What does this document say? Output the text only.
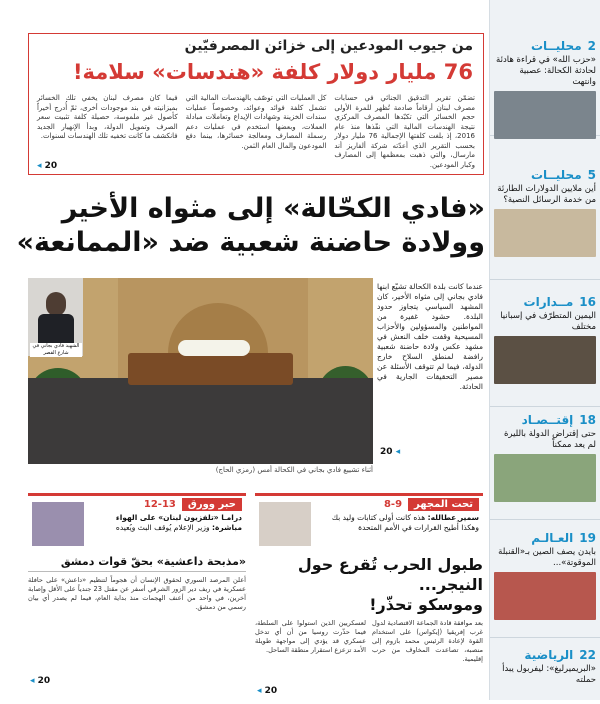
2
محليــات
«حزب الله» في قراءة هادئة لحادثة الكحالة: عصبية وانتهت
5
محليــات
أين ملايين الدولارات الطارئة من خدمة الرسائل النصية؟
16
مــدارات
اليمين المتطرّف في إسبانيا مختلف
18
إقتــصـاد
حتى إقتراض الدولة بالليرة لم يعد ممكناً
19
العـالـم
بايدن يصف الصين بـ«القنبلة الموقوتة»...
22
الرياضية
«البريميرليغ»: ليفربول يبدأ حملته
من جيوب المودعين إلى خزائن المصرفيّين
76 مليار دولار كلفة «هندسات» سلامة!
تضمّن تقرير التدقيق الجنائي في حسابات مصرف لبنان أرقاماً صادمة تُظهر للمرة الأولى حجم الخسائر التي تكبّدها المصرف المركزي نتيجة الهندسات المالية التي نفّذها منذ عام 2016، إذ بلغت كلفتها الإجمالية 76 مليار دولار بحسب التقرير الذي أعدّته شركة ألفاريز أند مارسال، والتي ذهبت بمعظمها إلى المصارف وكبار المودعين.
كل العمليات التي توصّف بالهندسات المالية التي تشمل كلفة فوائد وعوائد، وخصوصاً عمليات سندات الخزينة وشهادات الإيداع وتعاملات مبادلة العملات، وبعضها استخدم في عمليات دعم رسملة المصارف ومعالجة خسائرها، بينما دفع المودعون والمال العام الثمن.
فيما كان مصرف لبنان يخفي تلك الخسائر بميزانيته في بند موجودات أخرى، ثمّ أُدرج أخيراً كأصول غير ملموسة، حصيلة كلفة تثبيت سعر الصرف وتمويل الدولة، وبدأ الإنهيار الجديد فانكشف ما كانت تخفيه تلك الهندسات لسنوات.
20 ◂
«فادي الكحّالة» إلى مثواه الأخير
وولادة حاضنة شعبية ضد «الممانعة»
الشهيد فادي بجاني في شارع القصر
أثناء تشييع فادي بجاني في الكحالة أمس (رمزي الحاج)
عندما كانت بلدة الكحالة تشيّع ابنها فادي بجاني إلى مثواه الأخير، كان المشهد السياسي يتجاوز حدود البلدة. حشود غفيرة من المواطنين والمسؤولين والأحزاب المسيحية وقفت خلف النعش في مشهد عكس ولادة حاضنة شعبية رافضة لمنطق السلاح خارج الدولة، فيما لم تتوقف الأسئلة عن مصير التحقيقات الجارية في الحادثة.
20 ◂
تحت المجهر
8-9
سمير عطالله: هذه كانت أولى كتابات وليد بك وهكذا أُطيح القرارات في الأمم المتحدة
حبر وورق
12-13
درامـا «تلفزيون لبنان» على الهواء مباشرة: وزير الإعلام يُوقف البث ويُعيده
طبول الحرب تُقرع حول النيجر...
وموسكو تحذّر!
بعد موافقة قادة الجماعة الاقتصادية لدول غرب إفريقيا (إيكواس) على استخدام القوة لإعادة الرئيس محمد بازوم إلى منصبه، تصاعدت المخاوف من حرب إقليمية.
لعسكريين الذين استولوا على السلطة، فيما حذّرت روسيا من أن أي تدخل عسكري قد يؤدي إلى مواجهة طويلة الأمد تزعزع استقرار منطقة الساحل.
20 ◂
«مذبحة داعشية» بحقّ قوات دمشق
أعلن المرصد السوري لحقوق الإنسان أن هجوماً لتنظيم «داعش» على حافلة عسكرية في ريف دير الزور الشرقي أسفر عن مقتل 23 جندياً على الأقل وإصابة آخرين، في واحد من أعنف الهجمات منذ بداية العام، فيما لم يصدر أي بيان رسمي من دمشق.
20 ◂
